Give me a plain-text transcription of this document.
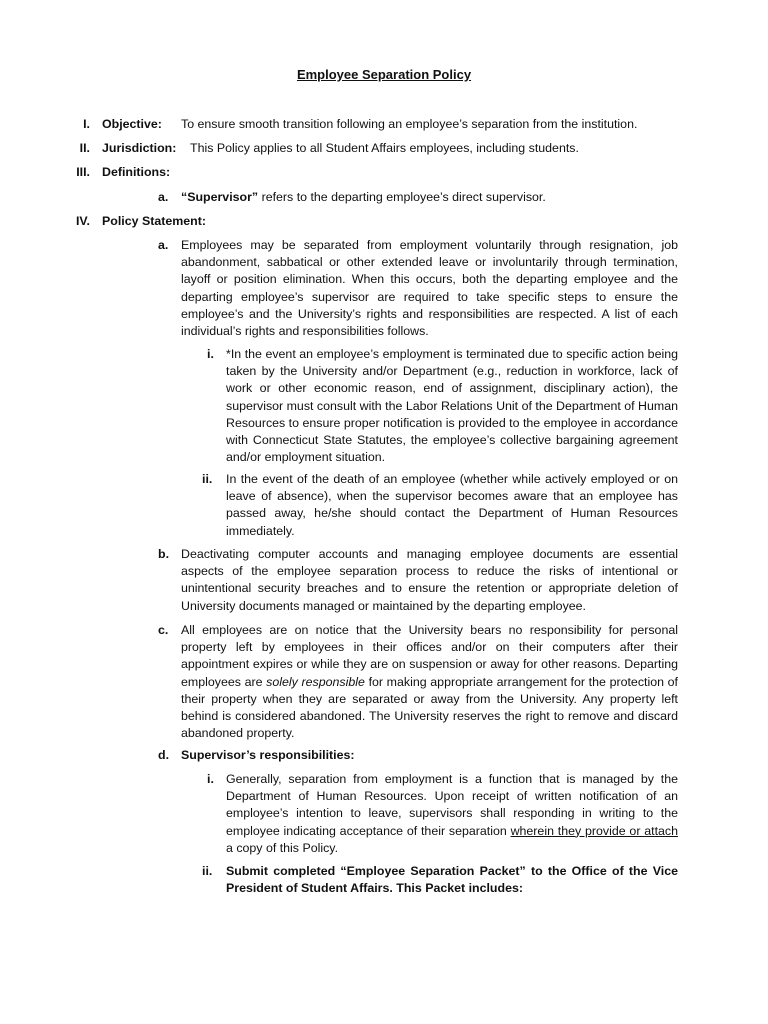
Employee Separation Policy
I. Objective: To ensure smooth transition following an employee’s separation from the institution.
II. Jurisdiction: This Policy applies to all Student Affairs employees, including students.
III. Definitions:
a. “Supervisor” refers to the departing employee’s direct supervisor.
IV. Policy Statement:
a. Employees may be separated from employment voluntarily through resignation, job abandonment, sabbatical or other extended leave or involuntarily through termination, layoff or position elimination. When this occurs, both the departing employee and the departing employee’s supervisor are required to take specific steps to ensure the employee’s and the University’s rights and responsibilities are respected. A list of each individual’s rights and responsibilities follows.
i. *In the event an employee’s employment is terminated due to specific action being taken by the University and/or Department (e.g., reduction in workforce, lack of work or other economic reason, end of assignment, disciplinary action), the supervisor must consult with the Labor Relations Unit of the Department of Human Resources to ensure proper notification is provided to the employee in accordance with Connecticut State Statutes, the employee’s collective bargaining agreement and/or employment situation.
ii. In the event of the death of an employee (whether while actively employed or on leave of absence), when the supervisor becomes aware that an employee has passed away, he/she should contact the Department of Human Resources immediately.
b. Deactivating computer accounts and managing employee documents are essential aspects of the employee separation process to reduce the risks of intentional or unintentional security breaches and to ensure the retention or appropriate deletion of University documents managed or maintained by the departing employee.
c. All employees are on notice that the University bears no responsibility for personal property left by employees in their offices and/or on their computers after their appointment expires or while they are on suspension or away for other reasons. Departing employees are solely responsible for making appropriate arrangement for the protection of their property when they are separated or away from the University. Any property left behind is considered abandoned. The University reserves the right to remove and discard abandoned property.
d. Supervisor’s responsibilities:
i. Generally, separation from employment is a function that is managed by the Department of Human Resources. Upon receipt of written notification of an employee’s intention to leave, supervisors shall responding in writing to the employee indicating acceptance of their separation wherein they provide or attach a copy of this Policy.
ii. Submit completed “Employee Separation Packet” to the Office of the Vice President of Student Affairs. This Packet includes:
